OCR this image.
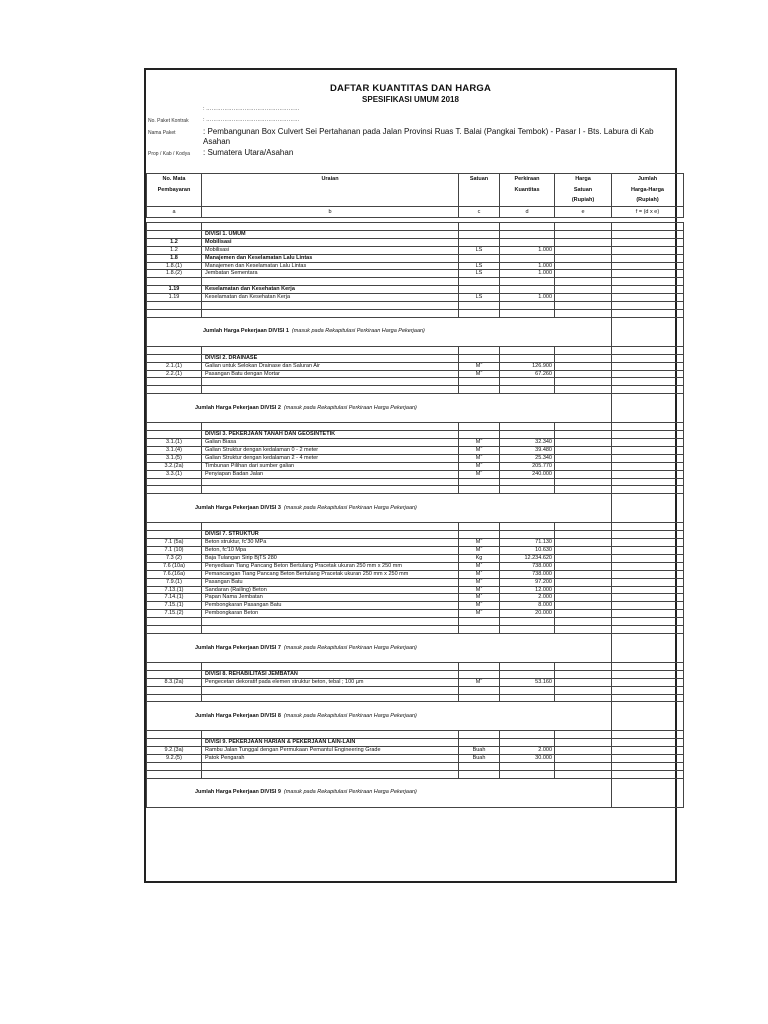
DAFTAR KUANTITAS DAN HARGA
SPESIFIKASI UMUM 2018
: ……………………………………………
No. Paket Kontrak	: ……………………………………………
Nama Paket	: Pembangunan Box Culvert Sei Pertahanan pada Jalan Provinsi Ruas T. Balai (Pangkai Tembok) - Pasar I - Bts. Labura di Kab Asahan
Prop / Kab / Kodya : Sumatera Utara/Asahan
No. Mata	Uraian	Satuan	Perkiraan	Harga	Jumlah
Pembayaran			Kuantitas	Satuan	Harga-Harga
				(Rupiah)	(Rupiah)
a	b	c	d	e	f = (d x e)

	DIVISI 1. UMUM				
1.2	Mobilisasi				
1.2	Mobilisasi	LS	1.000		
1.8	Manajemen dan Keselamatan Lalu Lintas				
1.8.(1)	Manajemen dan Keselamatan Lalu Lintas	LS	1.000		
1.8.(2)	Jembatan Sementara	LS	1.000		

1.19	Keselamatan dan Kesehatan Kerja				
1.19	Keselamatan dan Kesehatan Kerja	LS	1.000		

Jumlah Harga Pekerjaan DIVISI 1 (masuk pada Rekapitulasi Perkiraan Harga Pekerjaan)					

	DIVISI 2. DRAINASE				
2.1.(1)	Galian untuk Selokan Drainase dan Saluran Air	$M^3$	126.900		
2.2.(1)	Pasangan Batu dengan Mortar	$M^3$	67.260		

Jumlah Harga Pekerjaan DIVISI 2 (masuk pada Rekapitulasi Perkiraan Harga Pekerjaan)					

	DIVISI 3. PEKERJAAN TANAH DAN GEOSINTETIK				
3.1.(1)	Galian Biasa	$M^3$	32.340		
3.1.(4)	Galian Struktur dengan kedalaman 0 - 2 meter	$M^3$	39.480		
3.1.(5)	Galian Struktur dengan kedalaman 2 - 4 meter	$M^3$	25.340		
3.2.(2a)	Timbunan Pilihan dari sumber galian	$M^3$	205.770		
3.3.(1)	Penyiapan Badan Jalan	$M^2$	240.000		

Jumlah Harga Pekerjaan DIVISI 3 (masuk pada Rekapitulasi Perkiraan Harga Pekerjaan)					

	DIVISI 7. STRUKTUR				
7.1 (5a)	Beton struktur, fc'30 MPa	$M^3$	71.130		
7.1 (10)	Beton, fc'10 Mpa	$M^3$	10.630		
7.3 (2)	Baja Tulangan Sirip BjTS 280	Kg	12.234.620		
7.6 (10a)	Penyediaan Tiang Pancang Beton Bertulang Pracetak ukuran 250 mm x 250 mm	$M^1$	738.000		
7.6.(16a)	Pemancangan Tiang Pancang Beton Bertulang Pracetak ukuran 250 mm x 250 mm	$M^1$	738.000		
7.9.(1)	Pasangan Batu	$M^3$	97.200		
7.13.(1)	Sandaran (Railing) Beton	$M^1$	12.000		
7.14.(1)	Papan Nama Jembatan	$M^1$	2.000		
7.15.(1)	Pembongkaran Pasangan Batu	$M^3$	8.000		
7.15.(2)	Pembongkaran Beton	$M^3$	20.000		

Jumlah Harga Pekerjaan DIVISI 7 (masuk pada Rekapitulasi Perkiraan Harga Pekerjaan)					

	DIVISI 8. REHABILITASI JEMBATAN				
8.3.(2a)	Pengecetan dekoratif pada elemen struktur beton, tebal ; 100 µm	$M^2$	53.160		

Jumlah Harga Pekerjaan DIVISI 8 (masuk pada Rekapitulasi Perkiraan Harga Pekerjaan)					

	DIVISI 9. PEKERJAAN HARIAN & PEKERJAAN LAIN-LAIN				
9.2.(3a)	Rambu Jalan Tunggal dengan Permukaan Pemantul Engineering Grade	Buah	2.000		
9.2.(5)	Patok Pengarah	Buah	30.000		

Jumlah Harga Pekerjaan DIVISI 9 (masuk pada Rekapitulasi Perkiraan Harga Pekerjaan)					
